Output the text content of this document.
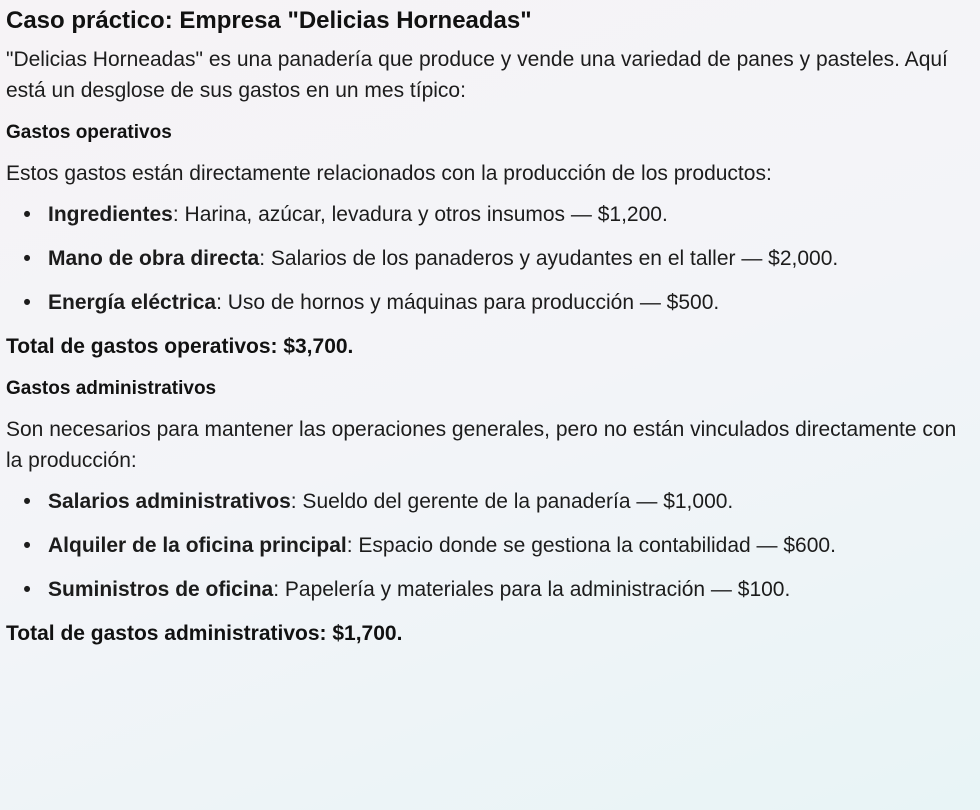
Caso práctico: Empresa "Delicias Horneadas"

"Delicias Horneadas" es una panadería que produce y vende una variedad de panes y pasteles. Aquí está un desglose de sus gastos en un mes típico:

Gastos operativos

Estos gastos están directamente relacionados con la producción de los productos:

• Ingredientes: Harina, azúcar, levadura y otros insumos — $1,200.
• Mano de obra directa: Salarios de los panaderos y ayudantes en el taller — $2,000.
• Energía eléctrica: Uso de hornos y máquinas para producción — $500.

Total de gastos operativos: $3,700.

Gastos administrativos

Son necesarios para mantener las operaciones generales, pero no están vinculados directamente con la producción:

• Salarios administrativos: Sueldo del gerente de la panadería — $1,000.
• Alquiler de la oficina principal: Espacio donde se gestiona la contabilidad — $600.
• Suministros de oficina: Papelería y materiales para la administración — $100.

Total de gastos administrativos: $1,700.
